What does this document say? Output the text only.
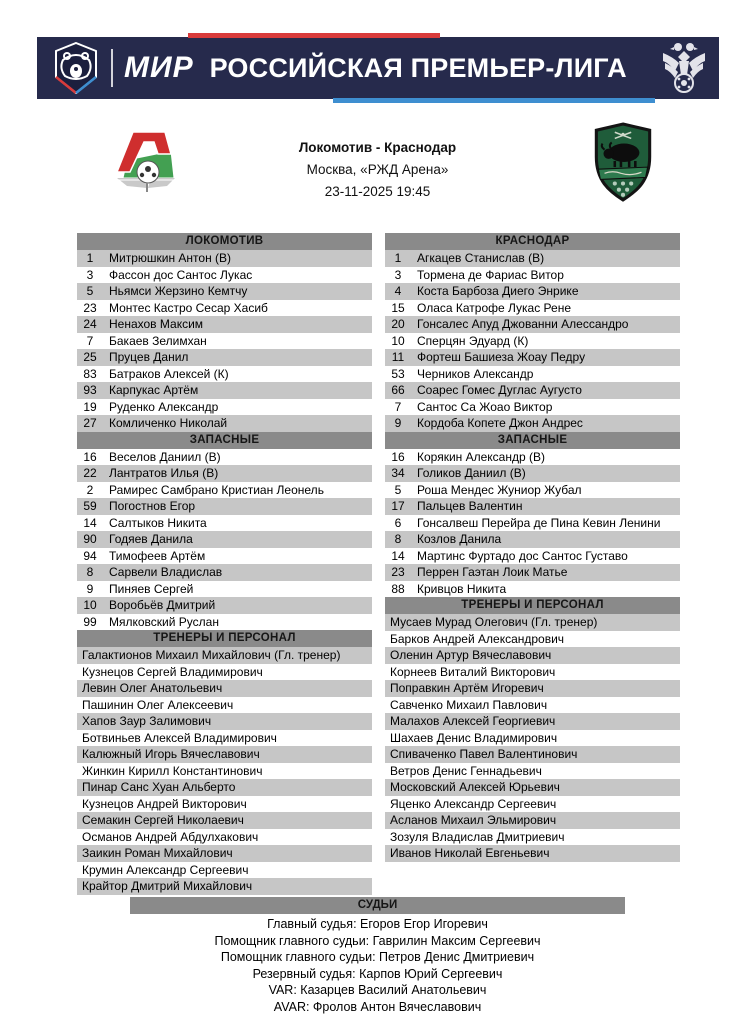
МИР РОССИЙСКАЯ ПРЕМЬЕР-ЛИГА
Локомотив - Краснодар
Москва, «РЖД Арена»
23-11-2025 19:45
ЛОКОМОТИВ
1	Митрюшкин Антон (В)
3	Фассон дос Сантос Лукас
5	Ньямси Жерзино Кемтчу
23	Монтес Кастро Сесар Хасиб
24	Ненахов Максим
7	Бакаев Зелимхан
25	Пруцев Данил
83	Батраков Алексей (К)
93	Карпукас Артём
19	Руденко Александр
27	Комличенко Николай
ЗАПАСНЫЕ
16	Веселов Даниил (В)
22	Лантратов Илья (В)
2	Рамирес Самбрано Кристиан Леонель
59	Погостнов Егор
14	Салтыков Никита
90	Годяев Данила
94	Тимофеев Артём
8	Сарвели Владислав
9	Пиняев Сергей
10	Воробьёв Дмитрий
99	Мялковский Руслан
ТРЕНЕРЫ И ПЕРСОНАЛ
Галактионов Михаил Михайлович (Гл. тренер)
Кузнецов Сергей Владимирович
Левин Олег Анатольевич
Пашинин Олег Алексеевич
Хапов Заур Залимович
Ботвиньев Алексей Владимирович
Калюжный Игорь Вячеславович
Жинкин Кирилл Константинович
Пинар Санс Хуан Альберто
Кузнецов Андрей Викторович
Семакин Сергей Николаевич
Османов Андрей Абдулхакович
Заикин Роман Михайлович
Крумин Александр Сергеевич
Крайтор Дмитрий Михайлович
КРАСНОДАР
1	Агкацев Станислав (В)
3	Тормена де Фариас Витор
4	Коста Барбоза Диего Энрике
15	Оласа Катрофе Лукас Рене
20	Гонсалес Апуд Джованни Алессандро
10	Сперцян Эдуард (К)
11	Фортеш Башиеза Жоау Педру
53	Черников Александр
66	Соарес Гомес Дуглас Аугусто
7	Сантос Са Жоао Виктор
9	Кордоба Копете Джон Андрес
ЗАПАСНЫЕ
16	Корякин Александр (В)
34	Голиков Даниил (В)
5	Роша Мендес Жуниор Жубал
17	Пальцев Валентин
6	Гонсалвеш Перейра де Пина Кевин Ленини
8	Козлов Данила
14	Мартинс Фуртадо дос Сантос Густаво
23	Перрен Гаэтан Лоик Матье
88	Кривцов Никита
ТРЕНЕРЫ И ПЕРСОНАЛ
Мусаев Мурад Олегович (Гл. тренер)
Барков Андрей Александрович
Оленин Артур Вячеславович
Корнеев Виталий Викторович
Поправкин Артём Игоревич
Савченко Михаил Павлович
Малахов Алексей Георгиевич
Шахаев Денис Владимирович
Спиваченко Павел Валентинович
Ветров Денис Геннадьевич
Московский Алексей Юрьевич
Яценко Александр Сергеевич
Асланов Михаил Эльмирович
Зозуля Владислав Дмитриевич
Иванов Николай Евгеньевич
СУДЬИ
Главный судья: Егоров Егор Игоревич
Помощник главного судьи: Гаврилин Максим Сергеевич
Помощник главного судьи: Петров Денис Дмитриевич
Резервный судья: Карпов Юрий Сергеевич
VAR: Казарцев Василий Анатольевич
AVAR: Фролов Антон Вячеславович
